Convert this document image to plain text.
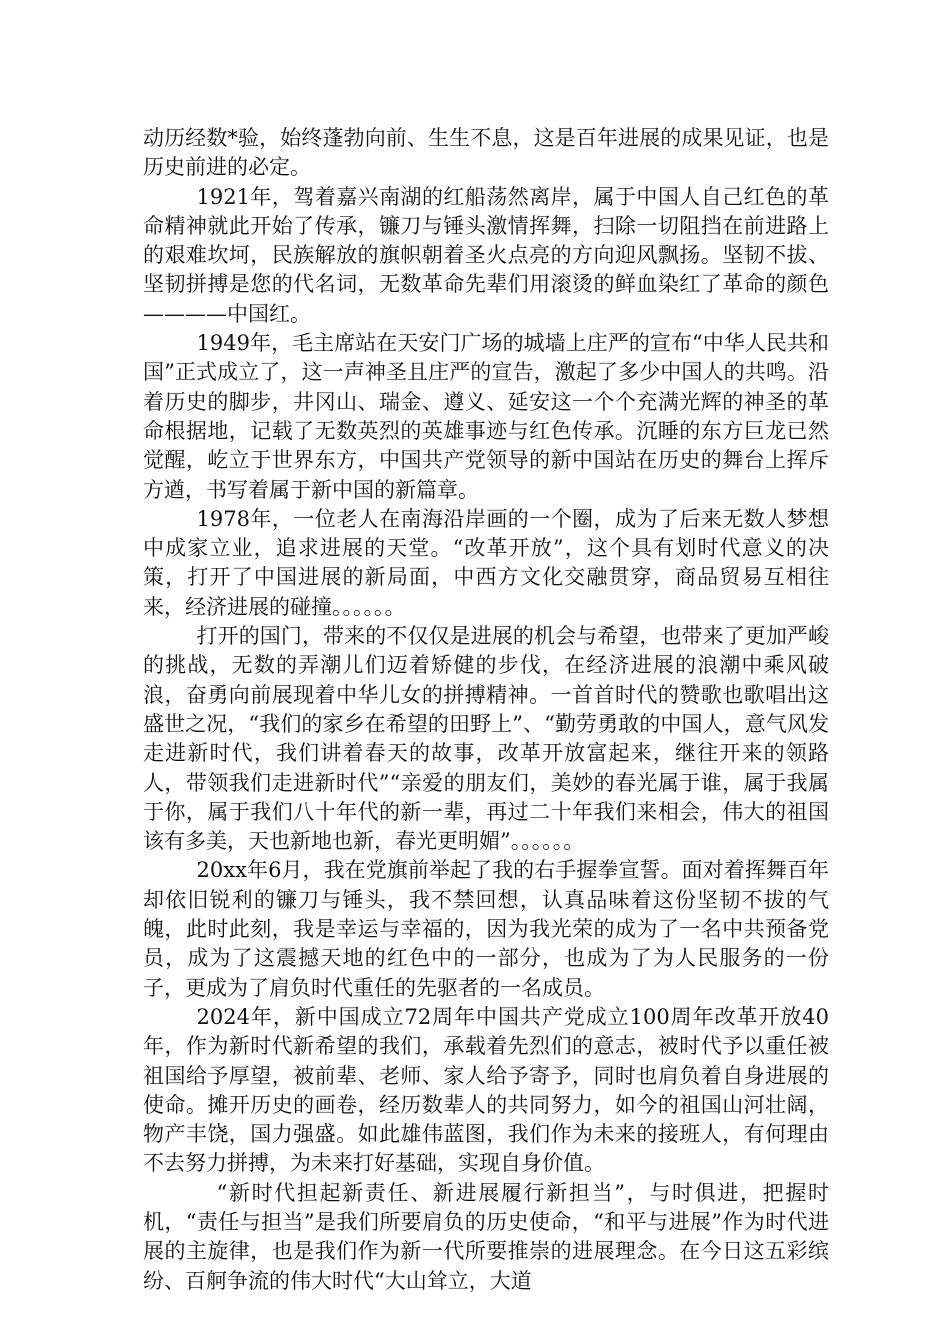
动历经数*验，始终蓬勃向前、生生不息，这是百年进展的成果见证，也是历史前进的必定。

1921年，驾着嘉兴南湖的红船荡然离岸，属于中国人自己红色的革命精神就此开始了传承，镰刀与锤头激情挥舞，扫除一切阻挡在前进路上的艰难坎坷，民族解放的旗帜朝着圣火点亮的方向迎风飘扬。坚韧不拔、坚韧拼搏是您的代名词，无数革命先辈们用滚烫的鲜血染红了革命的颜色————中国红。

1949年，毛主席站在天安门广场的城墙上庄严的宣布“中华人民共和国”正式成立了，这一声神圣且庄严的宣告，激起了多少中国人的共鸣。沿着历史的脚步，井冈山、瑞金、遵义、延安这一个个充满光辉的神圣的革命根据地，记载了无数英烈的英雄事迹与红色传承。沉睡的东方巨龙已然觉醒，屹立于世界东方，中国共产党领导的新中国站在历史的舞台上挥斥方遒，书写着属于新中国的新篇章。

1978年，一位老人在南海沿岸画的一个圈，成为了后来无数人梦想中成家立业，追求进展的天堂。“改革开放”，这个具有划时代意义的决策，打开了中国进展的新局面，中西方文化交融贯穿，商品贸易互相往来，经济进展的碰撞。。。。。。

打开的国门，带来的不仅仅是进展的机会与希望，也带来了更加严峻的挑战，无数的弄潮儿们迈着矫健的步伐，在经济进展的浪潮中乘风破浪，奋勇向前展现着中华儿女的拼搏精神。一首首时代的赞歌也歌唱出这盛世之况，“我们的家乡在希望的田野上”、“勤劳勇敢的中国人，意气风发走进新时代，我们讲着春天的故事，改革开放富起来，继往开来的领路人，带领我们走进新时代”“亲爱的朋友们，美妙的春光属于谁，属于我属于你，属于我们八十年代的新一辈，再过二十年我们来相会，伟大的祖国该有多美，天也新地也新，春光更明媚”。。。。。。

20xx年6月，我在党旗前举起了我的右手握拳宣誓。面对着挥舞百年却依旧锐利的镰刀与锤头，我不禁回想，认真品味着这份坚韧不拔的气魄，此时此刻，我是幸运与幸福的，因为我光荣的成为了一名中共预备党员，成为了这震撼天地的红色中的一部分，也成为了为人民服务的一份子，更成为了肩负时代重任的先驱者的一名成员。

2024年，新中国成立72周年中国共产党成立100周年改革开放40年，作为新时代新希望的我们，承载着先烈们的意志，被时代予以重任被祖国给予厚望，被前辈、老师、家人给予寄予，同时也肩负着自身进展的使命。摊开历史的画卷，经历数辈人的共同努力，如今的祖国山河壮阔，物产丰饶，国力强盛。如此雄伟蓝图，我们作为未来的接班人，有何理由不去努力拼搏，为未来打好基础，实现自身价值。

“新时代担起新责任、新进展履行新担当”，与时俱进，把握时机，“责任与担当”是我们所要肩负的历史使命，“和平与进展”作为时代进展的主旋律，也是我们作为新一代所要推崇的进展理念。在今日这五彩缤纷、百舸争流的伟大时代“大山耸立，大道
